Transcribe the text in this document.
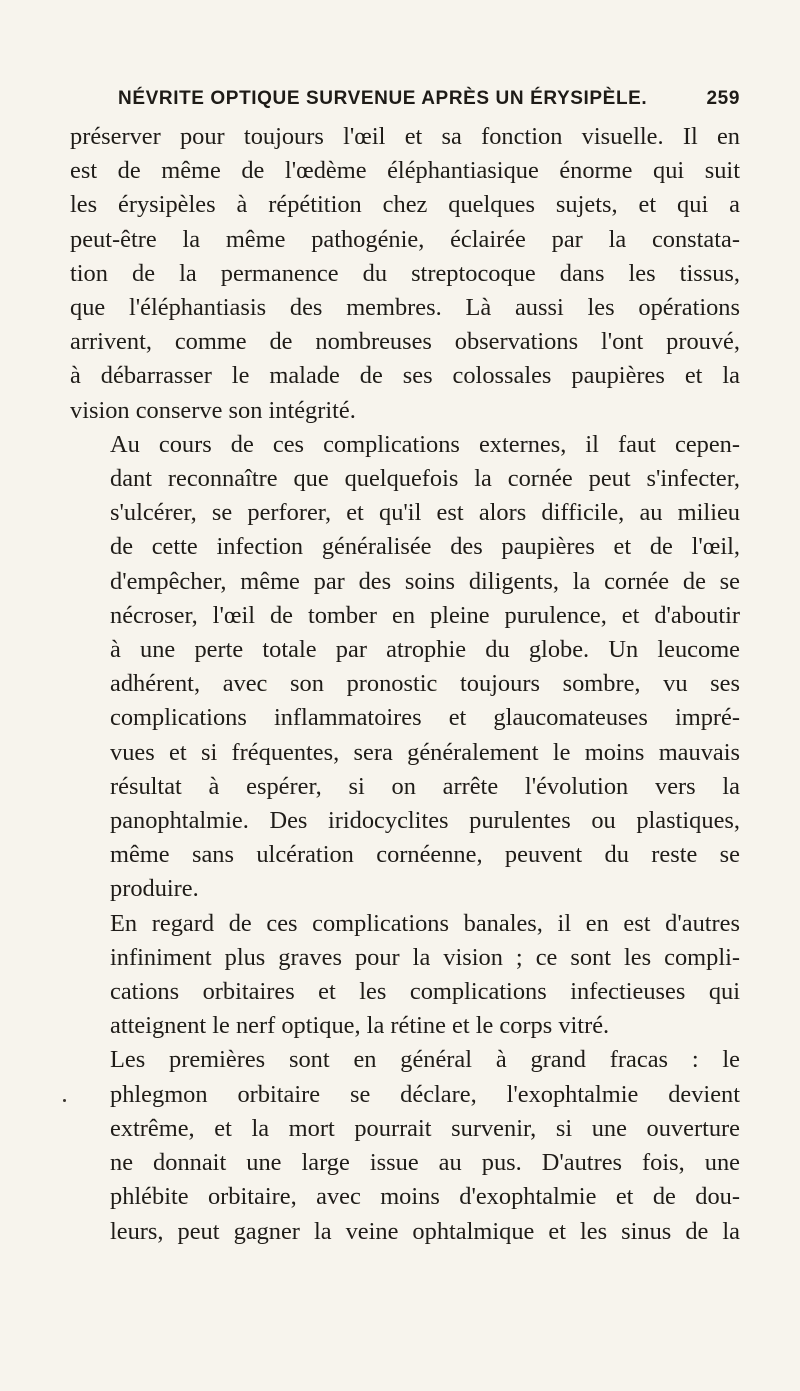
NÉVRITE OPTIQUE SURVENUE APRÈS UN ÉRYSIPÈLE.	259

préserver pour toujours l'œil et sa fonction visuelle. Il en
est de même de l'œdème éléphantiasique énorme qui suit
les érysipèles à répétition chez quelques sujets, et qui a
peut-être la même pathogénie, éclairée par la constata-
tion de la permanence du streptocoque dans les tissus,
que l'éléphantiasis des membres. Là aussi les opérations
arrivent, comme de nombreuses observations l'ont prouvé,
à débarrasser le malade de ses colossales paupières et la
vision conserve son intégrité.

Au cours de ces complications externes, il faut cepen-
dant reconnaître que quelquefois la cornée peut s'infecter,
s'ulcérer, se perforer, et qu'il est alors difficile, au milieu
de cette infection généralisée des paupières et de l'œil,
d'empêcher, même par des soins diligents, la cornée de se
nécroser, l'œil de tomber en pleine purulence, et d'aboutir
à une perte totale par atrophie du globe. Un leucome
adhérent, avec son pronostic toujours sombre, vu ses
complications inflammatoires et glaucomateuses impré-
vues et si fréquentes, sera généralement le moins mauvais
résultat à espérer, si on arrête l'évolution vers la
panophtalmie. Des iridocyclites purulentes ou plastiques,
même sans ulcération cornéenne, peuvent du reste se
produire.

En regard de ces complications banales, il en est d'autres
infiniment plus graves pour la vision ; ce sont les compli-
cations orbitaires et les complications infectieuses qui
atteignent le nerf optique, la rétine et le corps vitré.

Les premières sont en général à grand fracas : le
phlegmon orbitaire se déclare, l'exophtalmie devient
extrême, et la mort pourrait survenir, si une ouverture
ne donnait une large issue au pus. D'autres fois, une
phlébite orbitaire, avec moins d'exophtalmie et de dou-
leurs, peut gagner la veine ophtalmique et les sinus de la
